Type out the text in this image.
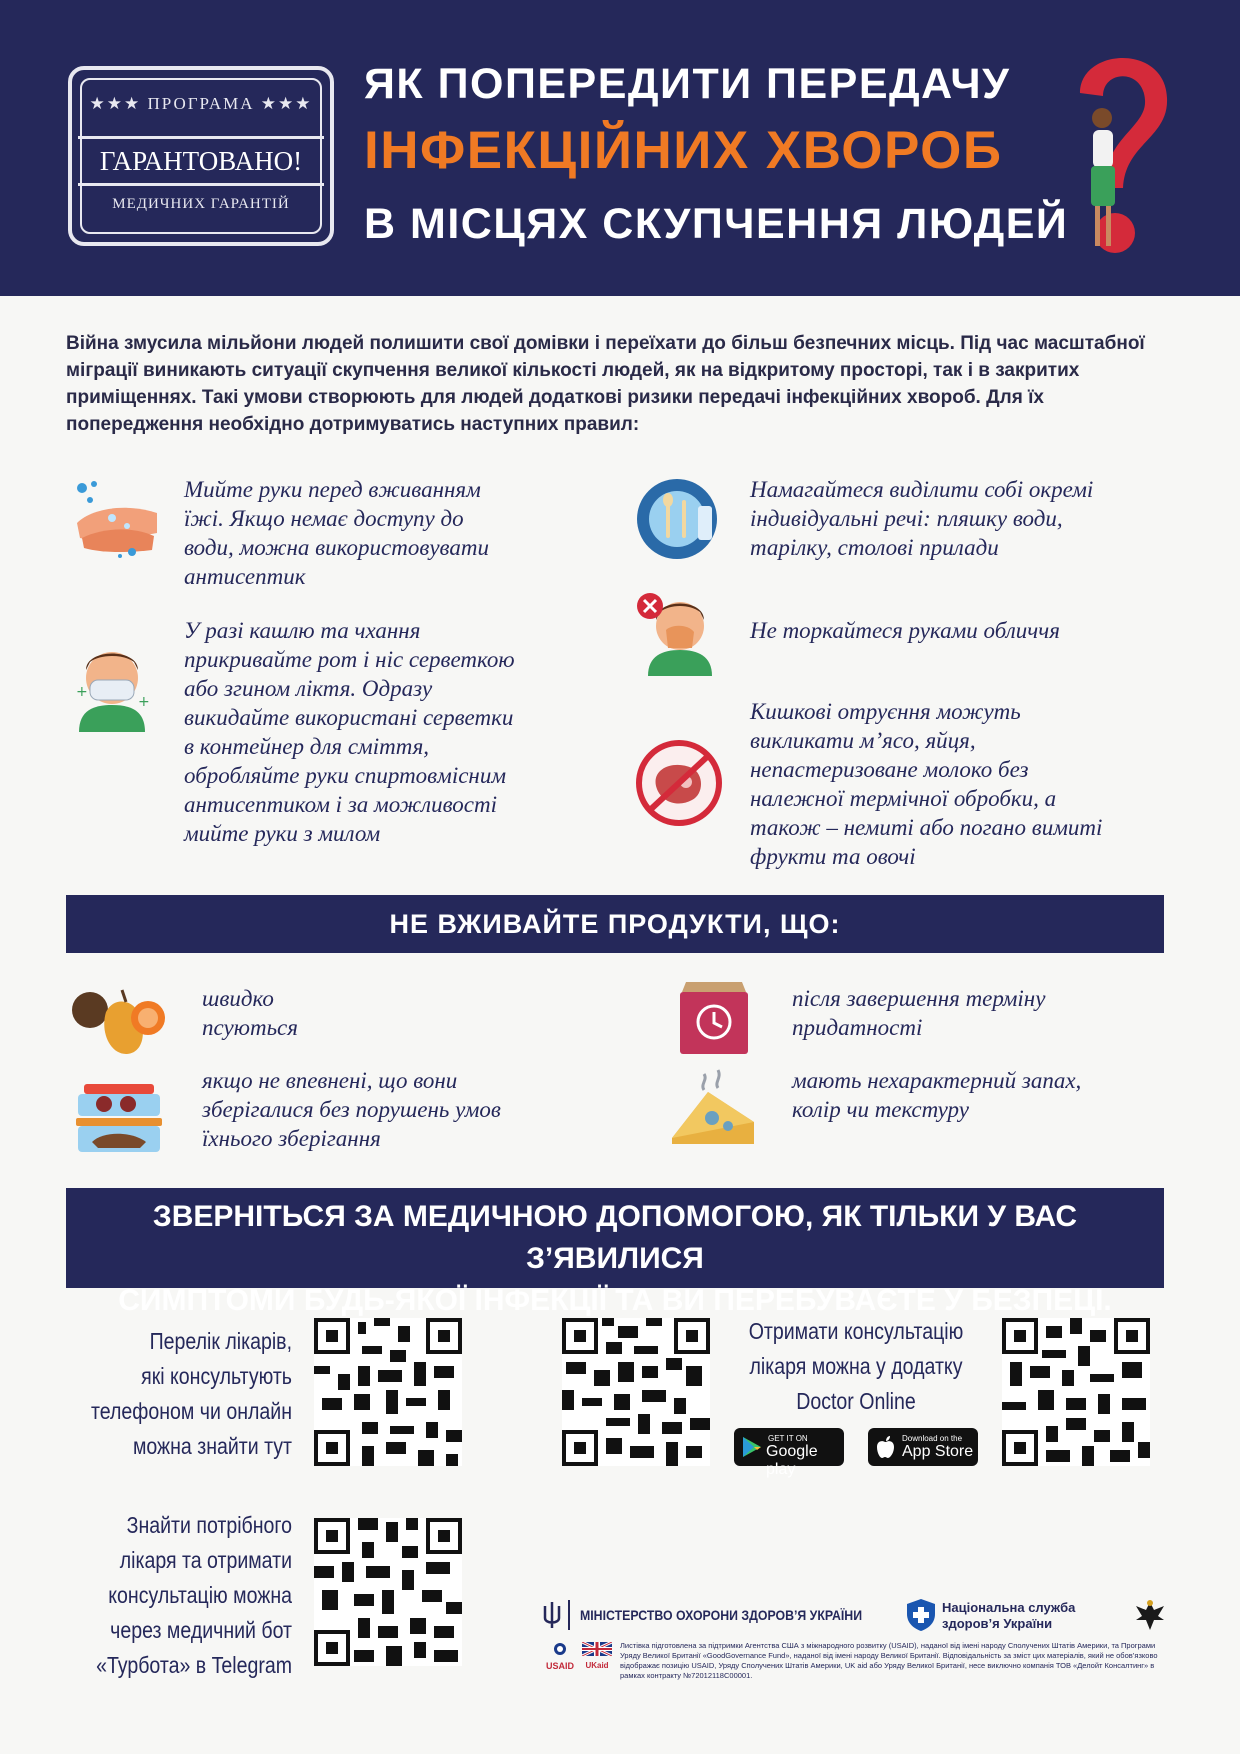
★★★ ПРОГРАМА ★★★
ГАРАНТОВАНО!
МЕДИЧНИХ ГАРАНТІЙ
ЯК ПОПЕРЕДИТИ ПЕРЕДАЧУ
ІНФЕКЦІЙНИХ ХВОРОБ
В МІСЦЯХ СКУПЧЕННЯ ЛЮДЕЙ
Війна змусила мільйони людей полишити свої домівки і переїхати до більш безпечних місць. Під час масштабної міграції виникають ситуації скупчення великої кількості людей, як на відкритому просторі, так і в закритих приміщеннях. Такі умови створюють для людей додаткові ризики передачі інфекційних хвороб. Для їх попередження необхідно дотримуватись наступних правил:
Мийте руки перед вживанням
їжі. Якщо немає доступу до
води, можна використовувати
антисептик
+
+
У разі кашлю та чхання
прикривайте рот і ніс серветкою
або згином ліктя. Одразу
викидайте використані серветки
в контейнер для сміття,
обробляйте руки спиртовмісним
антисептиком і за можливості
мийте руки з милом
Намагайтеся виділити собі окремі
індивідуальні речі: пляшку води,
тарілку, столові прилади
Не торкайтеся руками обличчя
Кишкові отруєння можуть
викликати м’ясо, яйця,
непастеризоване молоко без
належної термічної обробки, а
також – немиті або погано вимиті
фрукти та овочі
НЕ ВЖИВАЙТЕ ПРОДУКТИ, ЩО:
швидко
псуються
якщо не впевнені, що вони
зберігалися без порушень умов
їхнього зберігання
після завершення терміну
придатності
мають нехарактерний запах,
колір чи текстуру
ЗВЕРНІТЬСЯ ЗА МЕДИЧНОЮ ДОПОМОГОЮ, ЯК ТІЛЬКИ У ВАС З’ЯВИЛИСЯ
СИМПТОМИ БУДЬ-ЯКОЇ ІНФЕКЦІЇ ТА ВИ ПЕРЕБУВАЄТЕ У БЕЗПЕЦІ.
Перелік лікарів,
які консультують
телефоном чи онлайн
можна знайти тут
Отримати консультацію
лікаря можна у додатку
Doctor Online
GET IT ON
Google play
Download on the
App Store
Знайти потрібного
лікаря та отримати
консультацію можна
через медичний бот
«Турбота» в Telegram
МІНІСТЕРСТВО ОХОРОНИ ЗДОРОВ’Я УКРАЇНИ	Національна служба
здоров’я України
USAID	UKaid
Листівка підготовлена за підтримки Агентства США з міжнародного розвитку (USAID), наданої від імені народу Сполучених Штатів Америки, та Програми Уряду Великої Британії «GoodGovernance Fund», наданої від імені народу Великої Британії. Відповідальність за зміст цих матеріалів, який не обов’язково відображає позицію USAID, Уряду Сполучених Штатів Америки, UK aid або Уряду Великої Британії, несе виключно компанія ТОВ «Делойт Консалтинг» в рамках контракту №72012118C00001.
